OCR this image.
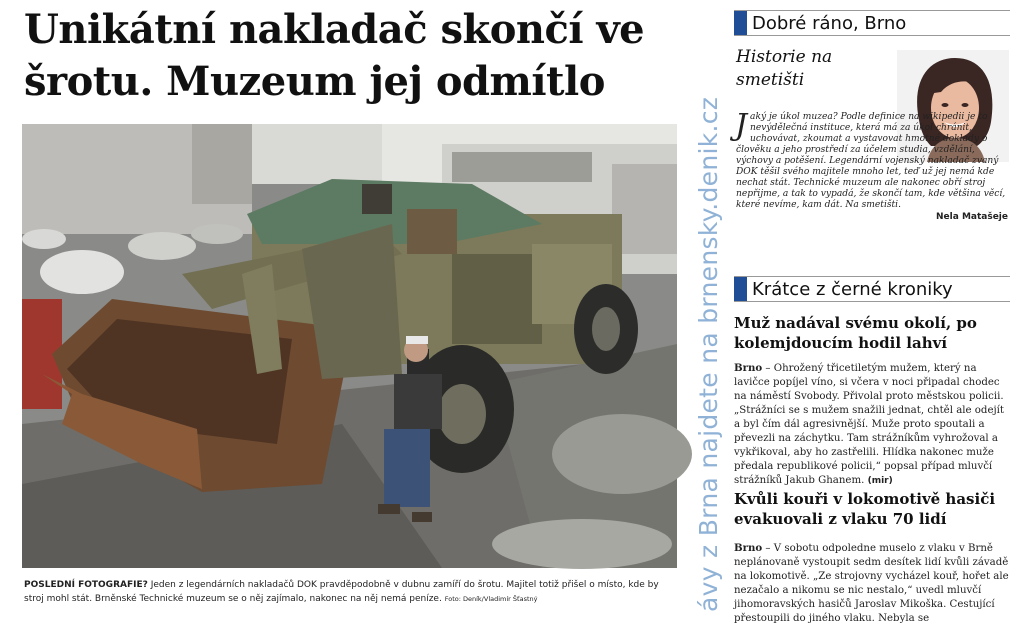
Unikátní nakladač skončí ve šrotu. Muzeum jej odmítlo

POSLEDNÍ FOTOGRAFIE? Jeden z legendárních nakladačů DOK pravděpodobně v dubnu zamíří do šrotu. Majitel totiž přišel o místo, kde by stroj mohl stát. Brněnské Technické muzeum se o něj zajímalo, nakonec na něj nemá peníze. Foto: Deník/Vladimír Šťastný	ávy z Brna najdete na brnensky.denik.cz
Dobré ráno, Brno
Historie na smetišti

J aký je úkol muzea? Podle definice na wikipedii je to nevýdělečná instituce, která má za úkol chránit, uchovávat, zkoumat a vystavovat hmotné doklady o člověku a jeho prostředí za účelem studia, vzdělání, výchovy a potěšení. Legendární vojenský nakladač zvaný DOK těšil svého majitele mnoho let, teď už jej nemá kde nechat stát. Technické muzeum ale nakonec obří stroj nepřijme, a tak to vypadá, že skončí tam, kde většina věcí, které nevíme, kam dát. Na smetišti.
Nela Matašeje

Krátce z černé kroniky
Muž nadával svému okolí, po kolemjdoucím hodil lahví

Brno – Ohrožený třicetiletým mužem, který na lavičce popíjel víno, si včera v noci připadal chodec na náměstí Svobody. Přivolal proto městskou policii. „Strážníci se s mužem snažili jednat, chtěl ale odejít a byl čím dál agresivnější. Muže proto spoutali a převezli na záchytku. Tam strážníkům vyhrožoval a vykřikoval, aby ho zastřelili. Hlídka nakonec muže předala republikové policii,“ popsal případ mluvčí strážníků Jakub Ghanem. (mir)

Kvůli kouři v lokomotivě hasiči evakuovali z vlaku 70 lidí

Brno – V sobotu odpoledne muselo z vlaku v Brně neplánovaně vystoupit sedm desítek lidí kvůli závadě na lokomotivě. „Ze strojovny vycházel kouř, hořet ale nezačalo a nikomu se nic nestalo,“ uvedl mluvčí jihomoravských hasičů Jaroslav Mikoška. Cestující přestoupili do jiného vlaku. Nebyla se
